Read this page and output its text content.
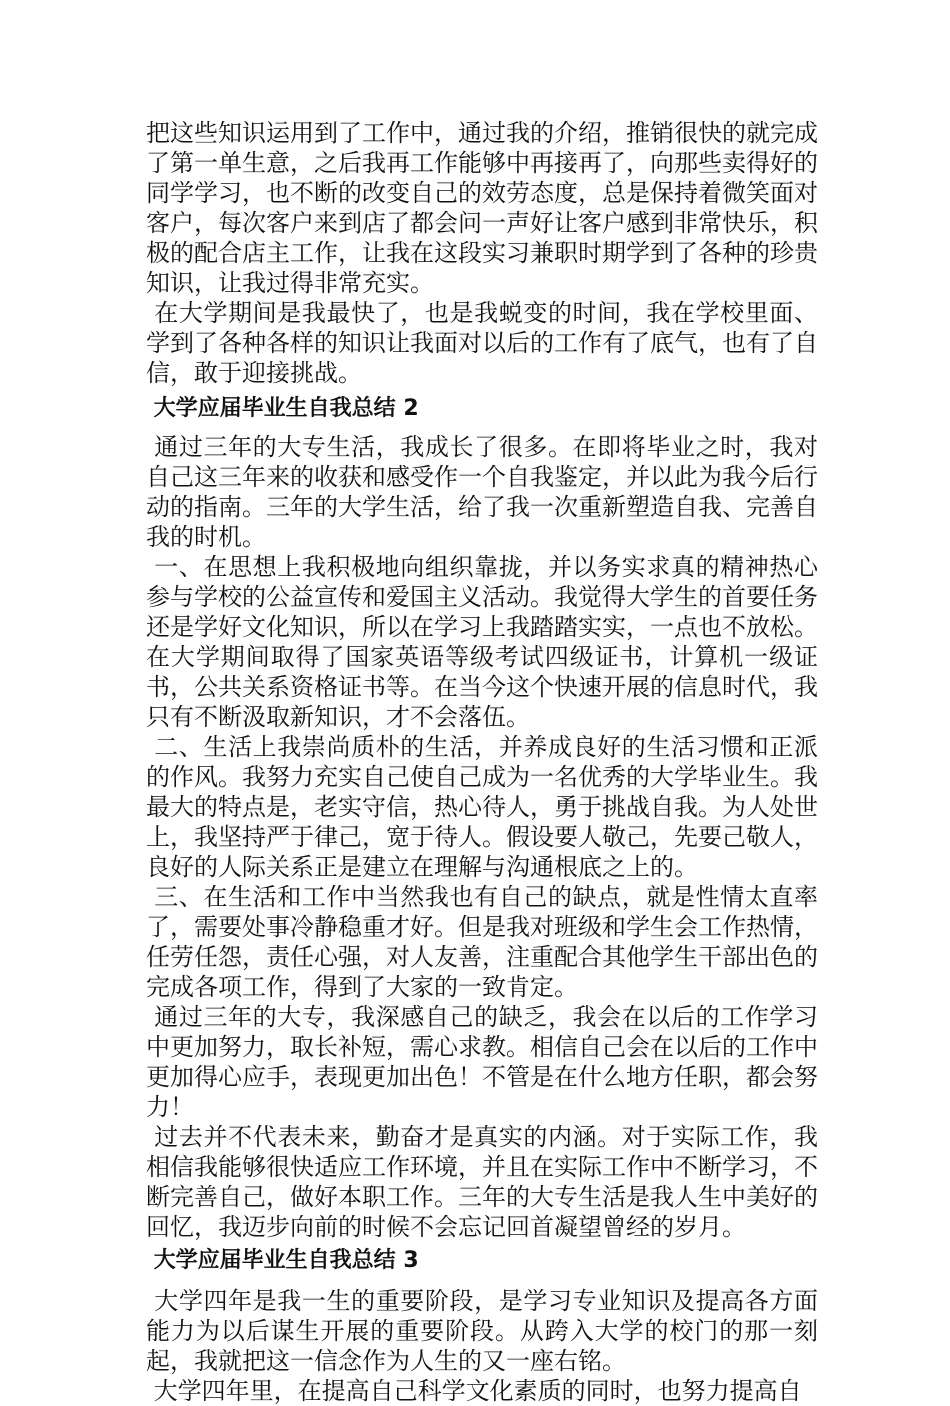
把这些知识运用到了工作中，通过我的介绍，推销很快的就完成了第一单生意，之后我再工作能够中再接再了，向那些卖得好的同学学习，也不断的改变自己的效劳态度，总是保持着微笑面对客户，每次客户来到店了都会问一声好让客户感到非常快乐，积极的配合店主工作，让我在这段实习兼职时期学到了各种的珍贵知识，让我过得非常充实。

在大学期间是我最快了，也是我蜕变的时间，我在学校里面、学到了各种各样的知识让我面对以后的工作有了底气，也有了自信，敢于迎接挑战。

大学应届毕业生自我总结 2

通过三年的大专生活，我成长了很多。在即将毕业之时，我对自己这三年来的收获和感受作一个自我鉴定，并以此为我今后行动的指南。三年的大学生活，给了我一次重新塑造自我、完善自我的时机。

一、在思想上我积极地向组织靠拢，并以务实求真的精神热心参与学校的公益宣传和爱国主义活动。我觉得大学生的首要任务还是学好文化知识，所以在学习上我踏踏实实，一点也不放松。在大学期间取得了国家英语等级考试四级证书，计算机一级证书，公共关系资格证书等。在当今这个快速开展的信息时代，我只有不断汲取新知识，才不会落伍。

二、生活上我崇尚质朴的生活，并养成良好的生活习惯和正派的作风。我努力充实自己使自己成为一名优秀的大学毕业生。我最大的特点是，老实守信，热心待人，勇于挑战自我。为人处世上，我坚持严于律己，宽于待人。假设要人敬己，先要己敬人，良好的人际关系正是建立在理解与沟通根底之上的。

三、在生活和工作中当然我也有自己的缺点，就是性情太直率了，需要处事冷静稳重才好。但是我对班级和学生会工作热情，任劳任怨，责任心强，对人友善，注重配合其他学生干部出色的完成各项工作，得到了大家的一致肯定。

通过三年的大专，我深感自己的缺乏，我会在以后的工作学习中更加努力，取长补短，需心求教。相信自己会在以后的工作中更加得心应手，表现更加出色！不管是在什么地方任职，都会努力！

过去并不代表未来，勤奋才是真实的内涵。对于实际工作，我相信我能够很快适应工作环境，并且在实际工作中不断学习，不断完善自己，做好本职工作。三年的大专生活是我人生中美好的回忆，我迈步向前的时候不会忘记回首凝望曾经的岁月。

大学应届毕业生自我总结 3

大学四年是我一生的重要阶段，是学习专业知识及提高各方面能力为以后谋生开展的重要阶段。从跨入大学的校门的那一刻起，我就把这一信念作为人生的又一座右铭。

大学四年里，在提高自己科学文化素质的同时，也努力提高自
